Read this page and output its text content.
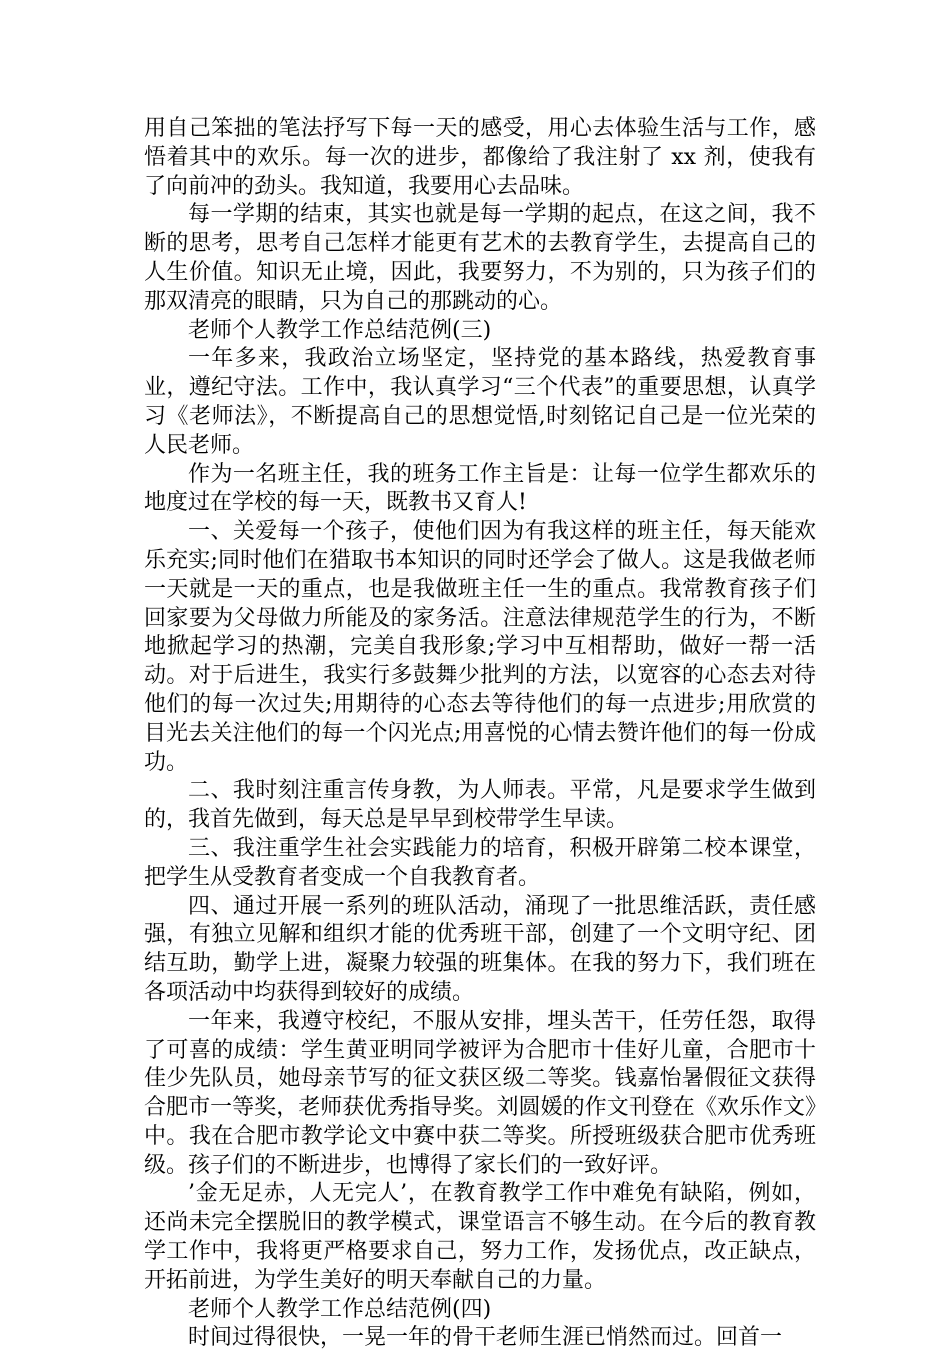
用自己笨拙的笔法抒写下每一天的感受，用心去体验生活与工作，感悟着其中的欢乐。每一次的进步，都像给了我注射了 xx 剂，使我有了向前冲的劲头。我知道，我要用心去品味。

每一学期的结束，其实也就是每一学期的起点，在这之间，我不断的思考，思考自己怎样才能更有艺术的去教育学生，去提高自己的人生价值。知识无止境，因此，我要努力，不为别的，只为孩子们的那双清亮的眼睛，只为自己的那跳动的心。

老师个人教学工作总结范例(三)

一年多来，我政治立场坚定，坚持党的基本路线，热爱教育事业，遵纪守法。工作中，我认真学习“三个代表”的重要思想，认真学习《老师法》，不断提高自己的思想觉悟,时刻铭记自己是一位光荣的人民老师。

作为一名班主任，我的班务工作主旨是：让每一位学生都欢乐的地度过在学校的每一天，既教书又育人!

一、关爱每一个孩子，使他们因为有我这样的班主任，每天能欢乐充实;同时他们在猎取书本知识的同时还学会了做人。这是我做老师一天就是一天的重点，也是我做班主任一生的重点。我常教育孩子们回家要为父母做力所能及的家务活。注意法律规范学生的行为，不断地掀起学习的热潮，完美自我形象;学习中互相帮助，做好一帮一活动。对于后进生，我实行多鼓舞少批判的方法，以宽容的心态去对待他们的每一次过失;用期待的心态去等待他们的每一点进步;用欣赏的目光去关注他们的每一个闪光点;用喜悦的心情去赞许他们的每一份成功。

二、我时刻注重言传身教，为人师表。平常，凡是要求学生做到的，我首先做到，每天总是早早到校带学生早读。

三、我注重学生社会实践能力的培育，积极开辟第二校本课堂，把学生从受教育者变成一个自我教育者。

四、通过开展一系列的班队活动，涌现了一批思维活跃，责任感强，有独立见解和组织才能的优秀班干部，创建了一个文明守纪、团结互助，勤学上进，凝聚力较强的班集体。在我的努力下，我们班在各项活动中均获得到较好的成绩。

一年来，我遵守校纪，不服从安排，埋头苦干，任劳任怨，取得了可喜的成绩：学生黄亚明同学被评为合肥市十佳好儿童，合肥市十佳少先队员，她母亲节写的征文获区级二等奖。钱嘉怡暑假征文获得合肥市一等奖，老师获优秀指导奖。刘圆媛的作文刊登在《欢乐作文》中。我在合肥市教学论文中赛中获二等奖。所授班级获合肥市优秀班级。孩子们的不断进步，也博得了家长们的一致好评。

’金无足赤，人无完人’，在教育教学工作中难免有缺陷，例如，还尚未完全摆脱旧的教学模式，课堂语言不够生动。在今后的教育教学工作中，我将更严格要求自己，努力工作，发扬优点，改正缺点，开拓前进，为学生美好的明天奉献自己的力量。

老师个人教学工作总结范例(四)

时间过得很快，一晃一年的骨干老师生涯已悄然而过。回首一
